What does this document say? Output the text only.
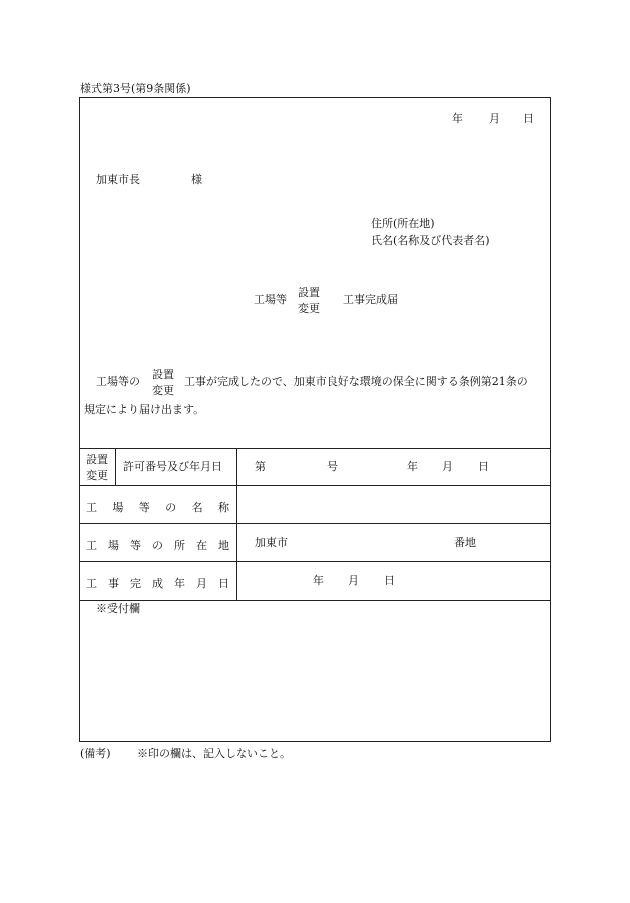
様式第3号(第9条関係)
年 月 日
加東市長	様
住所(所在地)
氏名(名称及び代表者名)
工場等
設置
変更
工事完成届
工場等の
設置
変更
工事が完成したので、加東市良好な環境の保全に関する条例第21条の
規定により届け出ます。
設置
変更
許可番号及び年月日	第	号	年 月 日
工 場 等 の 名 称
工 場 等 の 所 在 地 加東市	番地
工 事 完 成 年 月 日	年 月 日
※受付欄
(備考) ※印の欄は、記入しないこと。
